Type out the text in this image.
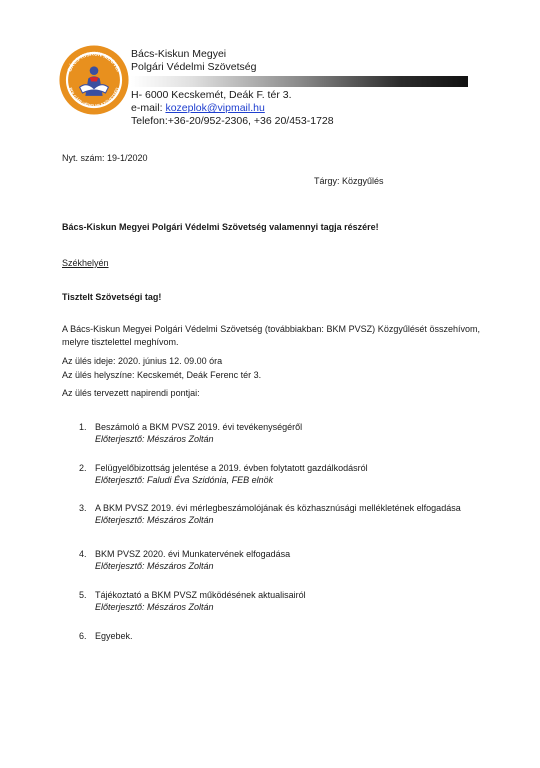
BÁCS-KISKUN MEGYEI
POLGÁRI VÉDELMI SZÖVETSÉG
Bács-Kiskun Megyei
Polgári Védelmi Szövetség
H- 6000 Kecskemét, Deák F. tér 3.
e-mail: kozeplok@vipmail.hu
Telefon:+36-20/952-2306, +36 20/453-1728
Nyt. szám: 19-1/2020
Tárgy: Közgyűlés
Bács-Kiskun Megyei Polgári Védelmi Szövetség valamennyi tagja részére!
Székhelyén
Tisztelt Szövetségi tag!
A Bács-Kiskun Megyei Polgári Védelmi Szövetség (továbbiakban: BKM PVSZ) Közgyűlését összehívom, melyre tisztelettel meghívom.
Az ülés ideje: 2020. június 12. 09.00 óra
Az ülés helyszíne: Kecskemét, Deák Ferenc tér 3.
Az ülés tervezett napirendi pontjai:
1. Beszámoló a BKM PVSZ 2019. évi tevékenységéről
Előterjesztő: Mészáros Zoltán
2. Felügyelőbizottság jelentése a 2019. évben folytatott gazdálkodásról
Előterjesztő: Faludi Éva Szidónia, FEB elnök
3. A BKM PVSZ 2019. évi mérlegbeszámolójának és közhasznúsági mellékletének elfogadása
Előterjesztő: Mészáros Zoltán
4. BKM PVSZ 2020. évi Munkatervének elfogadása
Előterjesztő: Mészáros Zoltán
5. Tájékoztató a BKM PVSZ működésének aktualisairól
Előterjesztő: Mészáros Zoltán
6. Egyebek.
